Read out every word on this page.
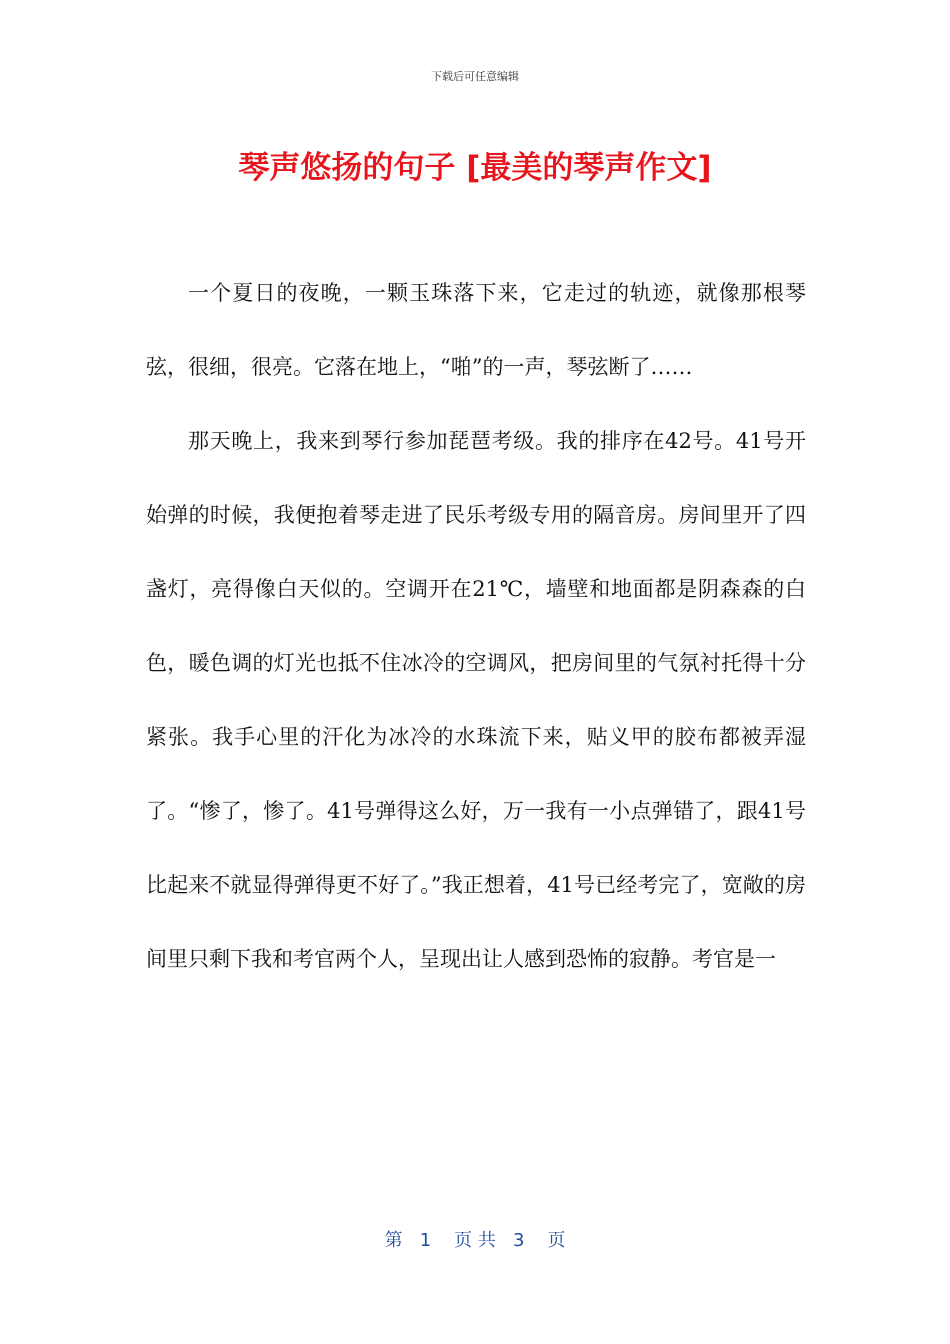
下载后可任意编辑
琴声悠扬的句子 [最美的琴声作文]

一个夏日的夜晚，一颗玉珠落下来，它走过的轨迹，就像那根琴弦，很细，很亮。它落在地上，“啪”的一声，琴弦断了……

那天晚上，我来到琴行参加琵琶考级。我的排序在42号。41号开始弹的时候，我便抱着琴走进了民乐考级专用的隔音房。房间里开了四盏灯，亮得像白天似的。空调开在21℃，墙壁和地面都是阴森森的白色，暖色调的灯光也抵不住冰冷的空调风，把房间里的气氛衬托得十分紧张。我手心里的汗化为冰冷的水珠流下来，贴义甲的胶布都被弄湿了。“惨了，惨了。41号弹得这么好，万一我有一小点弹错了，跟41号比起来不就显得弹得更不好了。”我正想着，41号已经考完了，宽敞的房间里只剩下我和考官两个人，呈现出让人感到恐怖的寂静。考官是一

第   1    页 共   3    页
